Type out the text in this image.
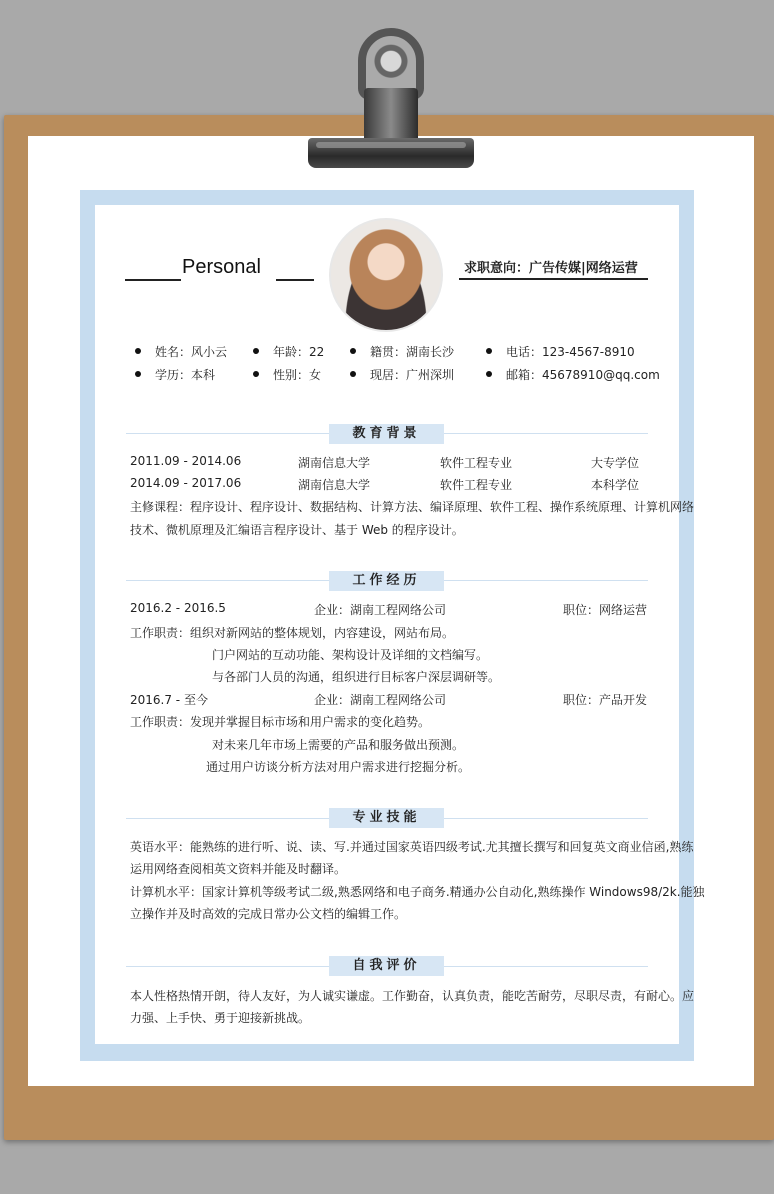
Personal	求职意向：广告传媒|网络运营
姓名：风小云	年龄：22	籍贯：湖南长沙	电话：123-4567-8910
学历：本科	性别：女	现居：广州深圳	邮箱：45678910@qq.com
教育背景
2011.09 - 2014.06	湖南信息大学	软件工程专业	大专学位
2014.09 - 2017.06	湖南信息大学	软件工程专业	本科学位
主修课程：程序设计、程序设计、数据结构、计算方法、编译原理、软件工程、操作系统原理、计算机网络
技术、微机原理及汇编语言程序设计、基于 Web 的程序设计。
工作经历
2016.2 - 2016.5	企业：湖南工程网络公司	职位：网络运营
工作职责： 组织对新网站的整体规划，内容建设，网站布局。
门户网站的互动功能、架构设计及详细的文档编写。
与各部门人员的沟通，组织进行目标客户深层调研等。
2016.7 - 至今	企业：湖南工程网络公司	职位：产品开发
工作职责： 发现并掌握目标市场和用户需求的变化趋势。
对未来几年市场上需要的产品和服务做出预测。
通过用户访谈分析方法对用户需求进行挖掘分析。
专业技能
英语水平：能熟练的进行听、说、读、写.并通过国家英语四级考试.尤其擅长撰写和回复英文商业信函,熟练
运用网络查阅相英文资料并能及时翻译。
计算机水平：国家计算机等级考试二级,熟悉网络和电子商务.精通办公自动化,熟练操作 Windows98/2k.能独
立操作并及时高效的完成日常办公文档的编辑工作。
自我评价
本人性格热情开朗，待人友好，为人诚实谦虚。工作勤奋，认真负责，能吃苦耐劳，尽职尽责，有耐心。应
力强、上手快、勇于迎接新挑战。
